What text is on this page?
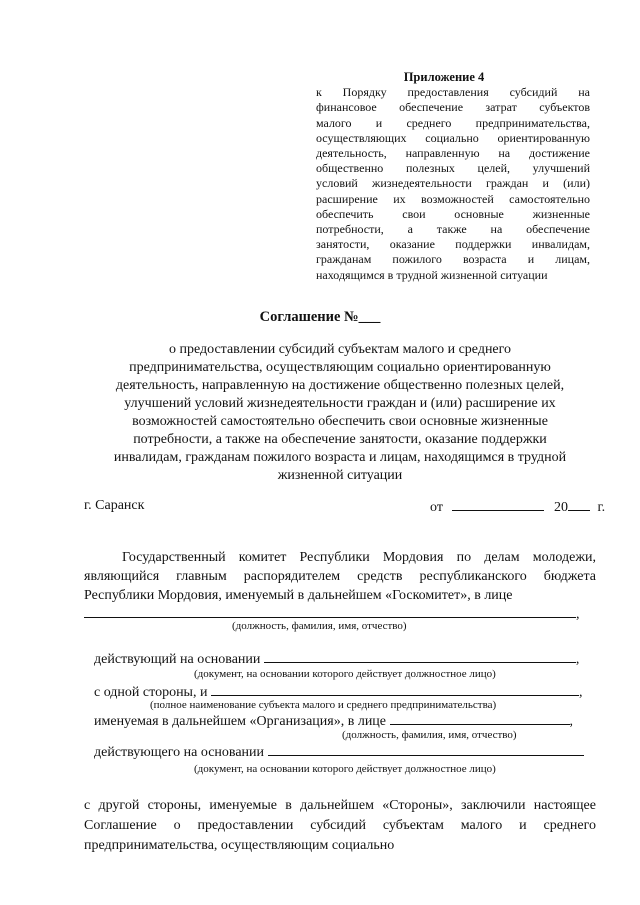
Приложение 4
к Порядку предоставления субсидий на
финансовое обеспечение затрат субъектов
малого и среднего предпринимательства,
осуществляющих социально ориентированную
деятельность, направленную на достижение
общественно полезных целей, улучшений
условий жизнедеятельности граждан и (или)
расширение их возможностей самостоятельно
обеспечить свои основные жизненные
потребности, а также на обеспечение
занятости, оказание поддержки инвалидам,
гражданам пожилого возраста и лицам,
находящимся в трудной жизненной ситуации
Соглашение №___
о предоставлении субсидий субъектам малого и среднего
предпринимательства, осуществляющим социально ориентированную
деятельность, направленную на достижение общественно полезных целей,
улучшений условий жизнедеятельности граждан и (или) расширение их
возможностей самостоятельно обеспечить свои основные жизненные
потребности, а также на обеспечение занятости, оказание поддержки
инвалидам, гражданам пожилого возраста и лицам, находящимся в трудной
жизненной ситуации
г. Саранск	от	20 г.
Государственный комитет Республики Мордовия по делам молодежи, являющийся главным распорядителем средств республиканского бюджета Республики Мордовия, именуемый в дальнейшем «Госкомитет», в лице
,
(должность, фамилия, имя, отчество)
действующий на основании	,
(документ, на основании которого действует должностное лицо)
с одной стороны, и	,
(полное наименование субъекта малого и среднего предпринимательства)
именуемая в дальнейшем «Организация», в лице	,
(должность, фамилия, имя, отчество)
действующего на основании
(документ, на основании которого действует должностное лицо)
с другой стороны, именуемые в дальнейшем «Стороны», заключили настоящее Соглашение о предоставлении субсидий субъектам малого и среднего предпринимательства, осуществляющим социально
